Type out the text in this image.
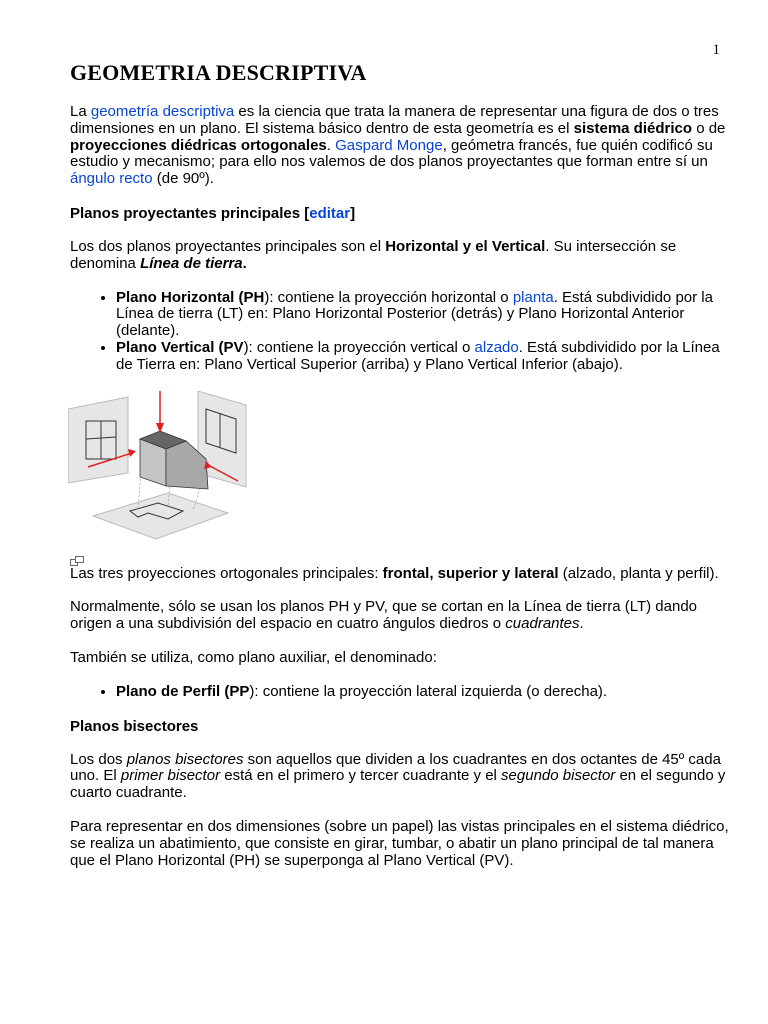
1
GEOMETRIA DESCRIPTIVA

La geometría descriptiva es la ciencia que trata la manera de representar una figura de dos o tres dimensiones en un plano. El sistema básico dentro de esta geometría es el sistema diédrico o de proyecciones diédricas ortogonales. Gaspard Monge, geómetra francés, fue quién codificó su estudio y mecanismo; para ello nos valemos de dos planos proyectantes que forman entre sí un ángulo recto (de 90º).

Planos proyectantes principales [editar]

Los dos planos proyectantes principales son el Horizontal y el Vertical. Su intersección se denomina Línea de tierra.

• Plano Horizontal (PH): contiene la proyección horizontal o planta. Está subdividido por la Línea de tierra (LT) en: Plano Horizontal Posterior (detrás) y Plano Horizontal Anterior (delante).
• Plano Vertical (PV): contiene la proyección vertical o alzado. Está subdividido por la Línea de Tierra en: Plano Vertical Superior (arriba) y Plano Vertical Inferior (abajo).

Las tres proyecciones ortogonales principales: frontal, superior y lateral (alzado, planta y perfil).

Normalmente, sólo se usan los planos PH y PV, que se cortan en la Línea de tierra (LT) dando origen a una subdivisión del espacio en cuatro ángulos diedros o cuadrantes.

También se utiliza, como plano auxiliar, el denominado:

• Plano de Perfil (PP): contiene la proyección lateral izquierda (o derecha).
Planos bisectores

Los dos planos bisectores son aquellos que dividen a los cuadrantes en dos octantes de 45º cada uno. El primer bisector está en el primero y tercer cuadrante y el segundo bisector en el segundo y cuarto cuadrante.

Para representar en dos dimensiones (sobre un papel) las vistas principales en el sistema diédrico, se realiza un abatimiento, que consiste en girar, tumbar, o abatir un plano principal de tal manera que el Plano Horizontal (PH) se superponga al Plano Vertical (PV).
